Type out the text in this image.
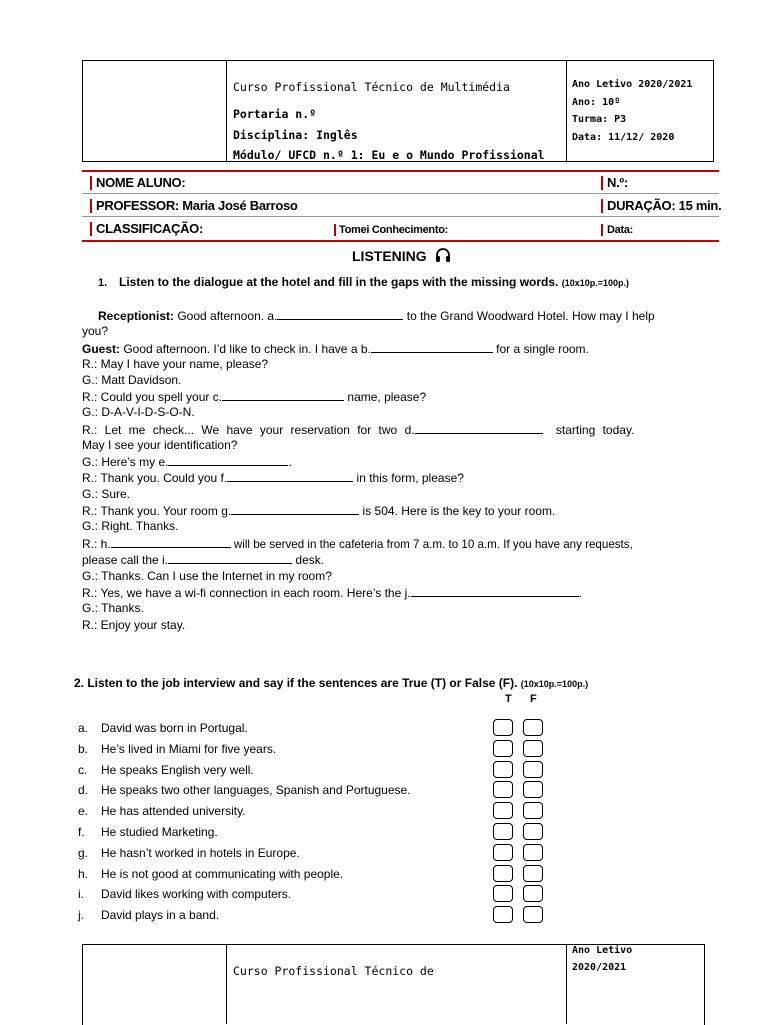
Curso Profissional Técnico de Multimédia
Portaria n.º
Disciplina: Inglês
Módulo/ UFCD n.º 1: Eu e o Mundo Profissional
Ano Letivo 2020/2021
Ano: 10º
Turma: P3
Data: 11/12/ 2020
NOME ALUNO:	N.º:
PROFESSOR: Maria José Barroso	DURAÇÃO: 15 min.
CLASSIFICAÇÃO:	Tomei Conhecimento:	Data:
LISTENING
1. Listen to the dialogue at the hotel and fill in the gaps with the missing words. (10x10p.=100p.)
Receptionist: Good afternoon. a.	to the Grand Woodward Hotel. How may I help
you?
Guest: Good afternoon. I’d like to check in. I have a b.	for a single room.
R.: May I have your name, please?
G.: Matt Davidson.
R.: Could you spell your c.	name, please?
G.: D-A-V-I-D-S-O-N.
R.: Let me check... We have your reservation for two d.	starting today.
May I see your identification?
G.: Here’s my e.	.
R.: Thank you. Could you f.	in this form, please?
G.: Sure.
R.: Thank you. Your room g.	is 504. Here is the key to your room.
G.: Right. Thanks.
R.: h.	will be served in the cafeteria from 7 a.m. to 10 a.m. If you have any requests,
please call the i.	desk.
G.: Thanks. Can I use the Internet in my room?
R.: Yes, we have a wi-fi connection in each room. Here’s the j.	.
G.: Thanks.
R.: Enjoy your stay.
2. Listen to the job interview and say if the sentences are True (T) or False (F). (10x10p.=100p.)
T F
a. David was born in Portugal.
b. He’s lived in Miami for five years.
c. He speaks English very well.
d. He speaks two other languages, Spanish and Portuguese.
e. He has attended university.
f. He studied Marketing.
g. He hasn’t worked in hotels in Europe.
h. He is not good at communicating with people.
i. David likes working with computers.
j. David plays in a band.
Curso Profissional Técnico de
Ano Letivo
2020/2021
